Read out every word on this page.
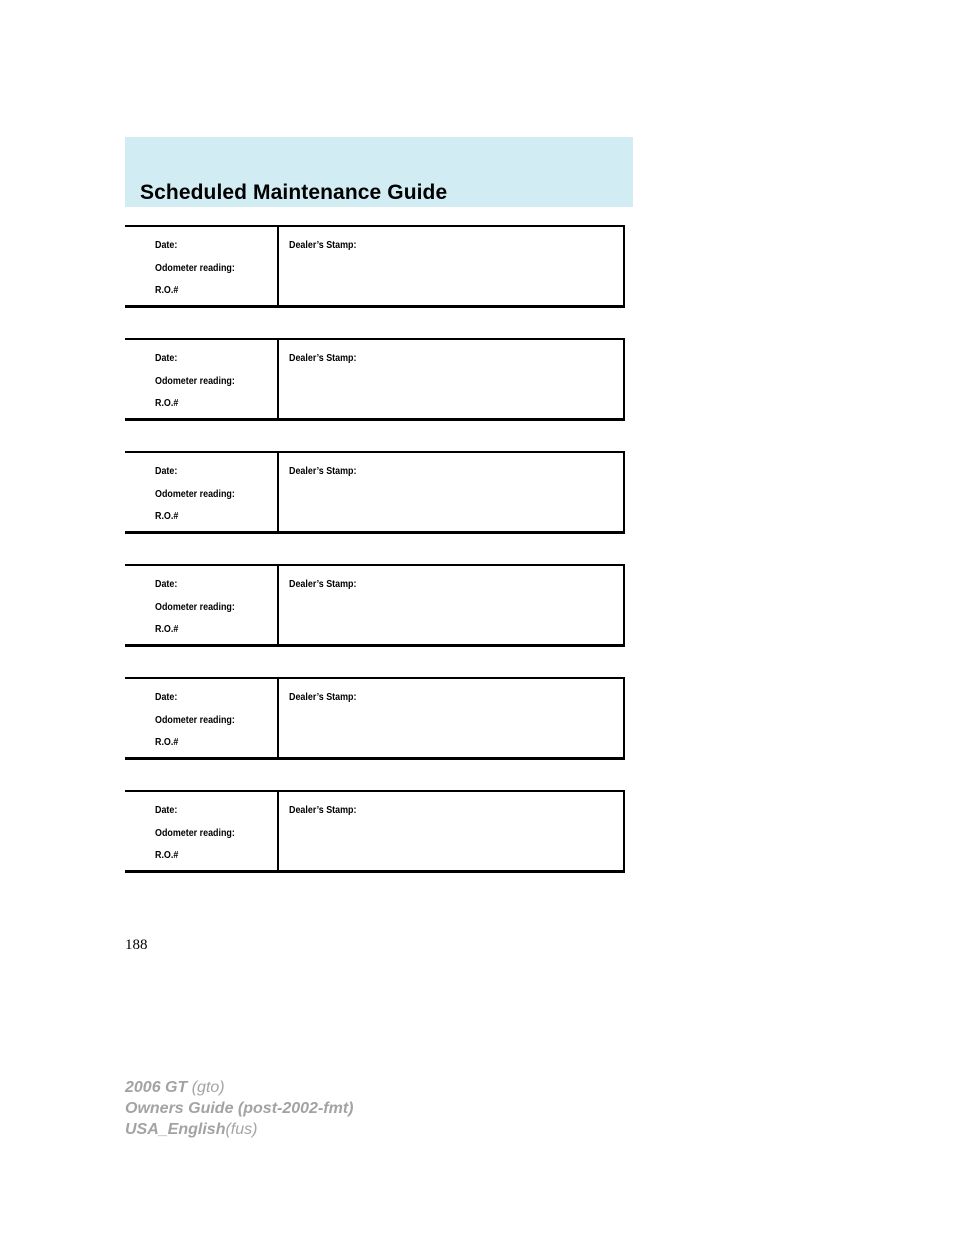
Scheduled Maintenance Guide
Date:
Odometer reading:
R.O.#
Dealer’s Stamp:
Date:
Odometer reading:
R.O.#
Dealer’s Stamp:
Date:
Odometer reading:
R.O.#
Dealer’s Stamp:
Date:
Odometer reading:
R.O.#
Dealer’s Stamp:
Date:
Odometer reading:
R.O.#
Dealer’s Stamp:
Date:
Odometer reading:
R.O.#
Dealer’s Stamp:
188
2006 GT (gto)
Owners Guide (post-2002-fmt)
USA_English(fus)
